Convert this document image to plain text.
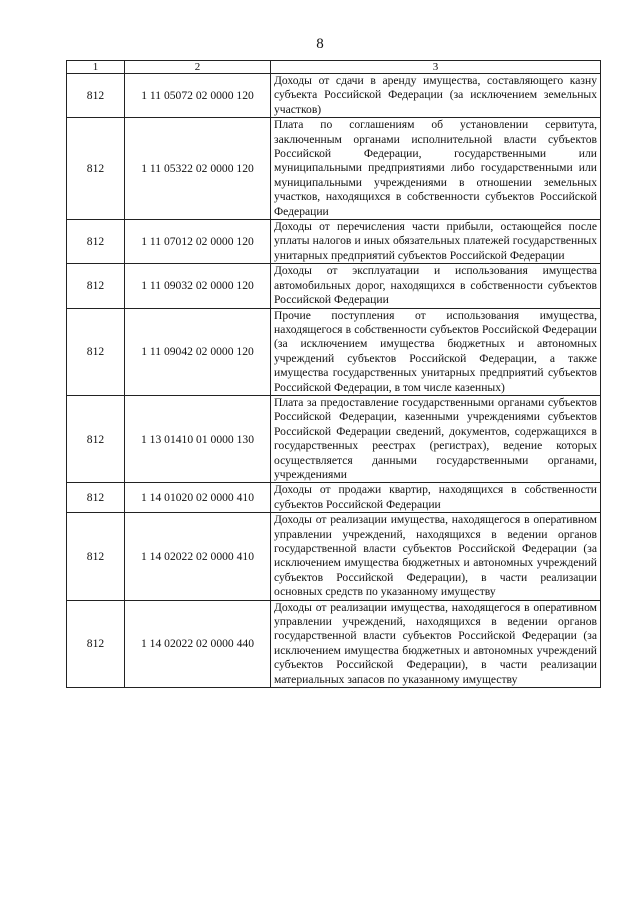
8
1	2	3
812	1 11 05072 02 0000 120	Доходы от сдачи в аренду имущества, составляющего казну субъекта Российской Федерации (за исключением земельных участков)
812	1 11 05322 02 0000 120	Плата по соглашениям об установлении сервитута, заключенным органами исполнительной власти субъектов Российской Федерации, государственными или муниципальными предприятиями либо государственными или муниципальными учреждениями в отношении земельных участков, находящихся в собственности субъектов Российской Федерации
812	1 11 07012 02 0000 120	Доходы от перечисления части прибыли, остающейся после уплаты налогов и иных обязательных платежей государственных унитарных предприятий субъектов Российской Федерации
812	1 11 09032 02 0000 120	Доходы от эксплуатации и использования имущества автомобильных дорог, находящихся в собственности субъектов Российской Федерации
812	1 11 09042 02 0000 120	Прочие поступления от использования имущества, находящегося в собственности субъектов Российской Федерации (за исключением имущества бюджетных и автономных учреждений субъектов Российской Федерации, а также имущества государственных унитарных предприятий субъектов Российской Федерации, в том числе казенных)
812	1 13 01410 01 0000 130	Плата за предоставление государственными органами субъектов Российской Федерации, казенными учреждениями субъектов Российской Федерации сведений, документов, содержащихся в государственных реестрах (регистрах), ведение которых осуществляется данными государственными органами, учреждениями
812	1 14 01020 02 0000 410	Доходы от продажи квартир, находящихся в собственности субъектов Российской Федерации
812	1 14 02022 02 0000 410	Доходы от реализации имущества, находящегося в оперативном управлении учреждений, находящихся в ведении органов государственной власти субъектов Российской Федерации (за исключением имущества бюджетных и автономных учреждений субъектов Российской Федерации), в части реализации основных средств по указанному имуществу
812	1 14 02022 02 0000 440	Доходы от реализации имущества, находящегося в оперативном управлении учреждений, находящихся в ведении органов государственной власти субъектов Российской Федерации (за исключением имущества бюджетных и автономных учреждений субъектов Российской Федерации), в части реализации материальных запасов по указанному имуществу
